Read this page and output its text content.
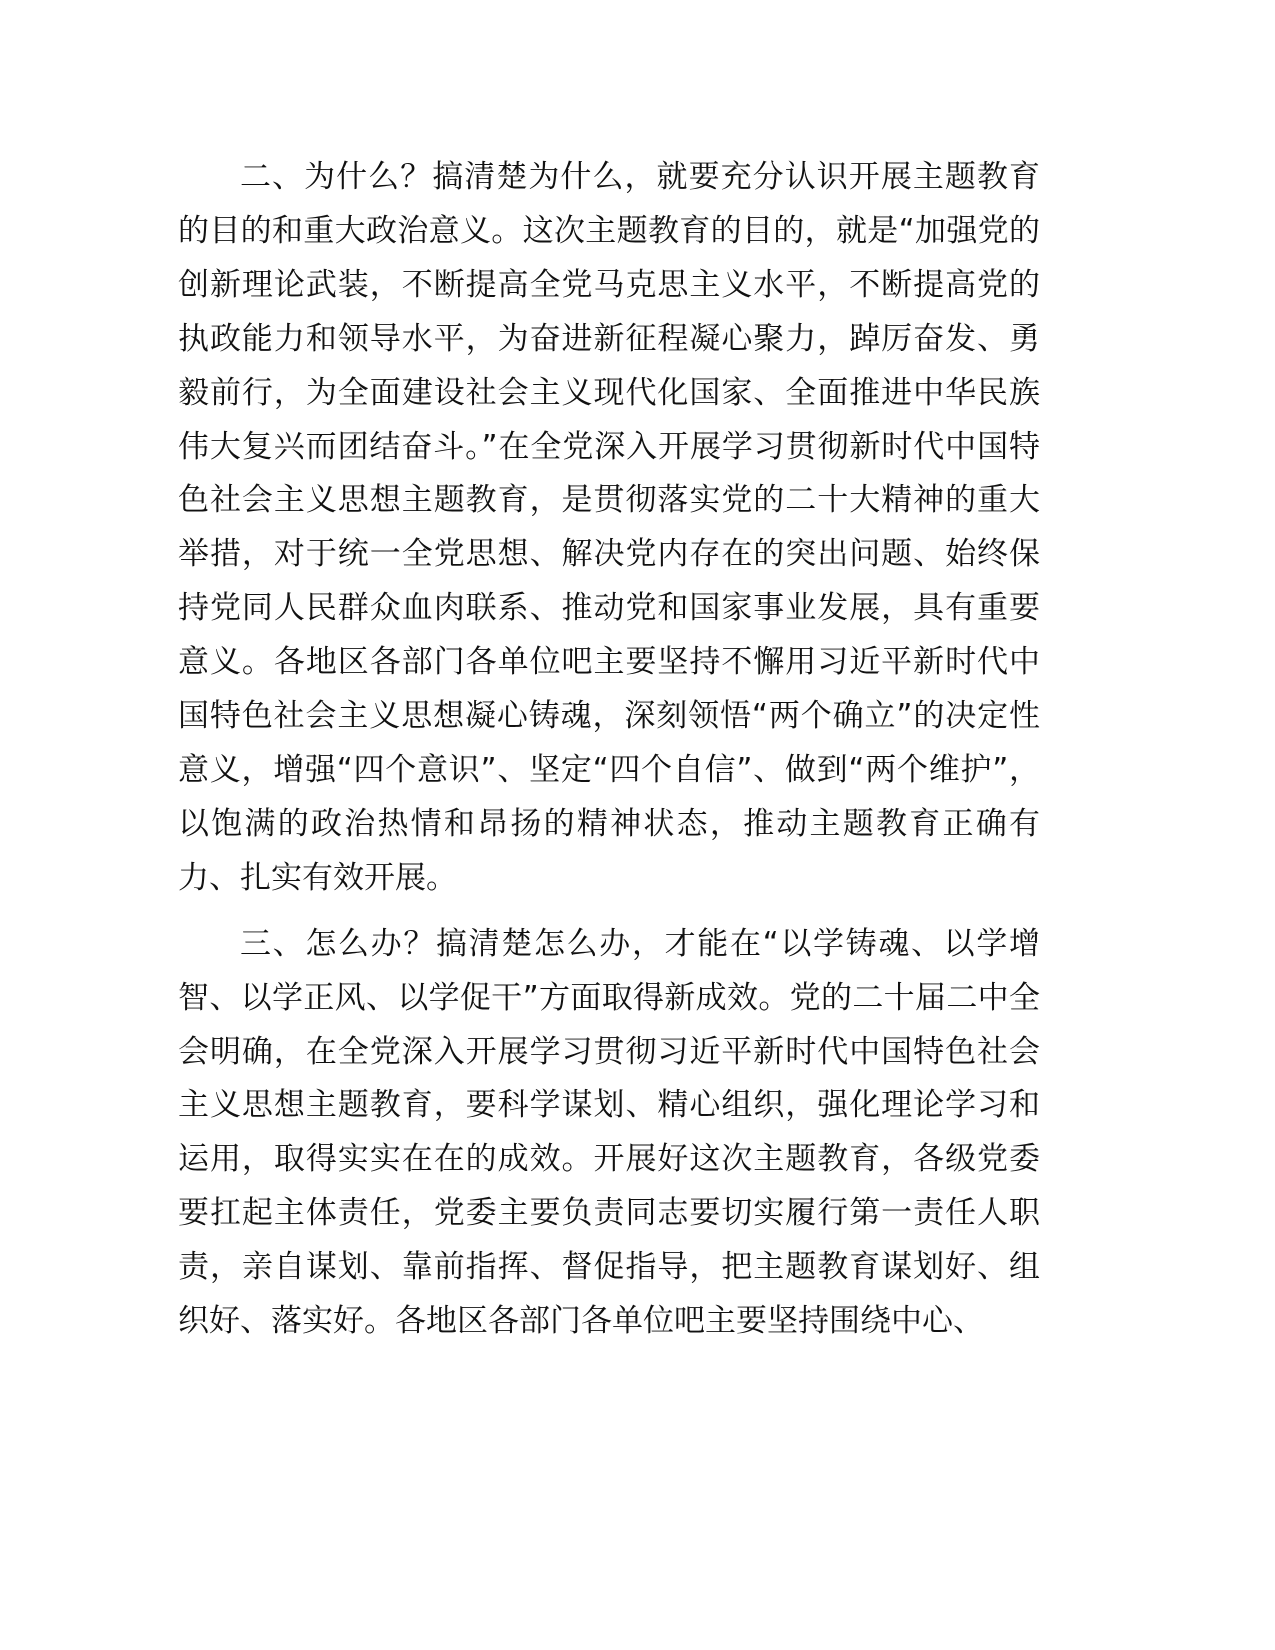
二、为什么？搞清楚为什么，就要充分认识开展主题教育的目的和重大政治意义。这次主题教育的目的，就是“加强党的创新理论武装，不断提高全党马克思主义水平，不断提高党的执政能力和领导水平，为奋进新征程凝心聚力，踔厉奋发、勇毅前行，为全面建设社会主义现代化国家、全面推进中华民族伟大复兴而团结奋斗。”在全党深入开展学习贯彻新时代中国特色社会主义思想主题教育，是贯彻落实党的二十大精神的重大举措，对于统一全党思想、解决党内存在的突出问题、始终保持党同人民群众血肉联系、推动党和国家事业发展，具有重要意义。各地区各部门各单位吧主要坚持不懈用习近平新时代中国特色社会主义思想凝心铸魂，深刻领悟“两个确立”的决定性意义，增强“四个意识”、坚定“四个自信”、做到“两个维护”，以饱满的政治热情和昂扬的精神状态，推动主题教育正确有力、扎实有效开展。

三、怎么办？搞清楚怎么办，才能在“以学铸魂、以学增智、以学正风、以学促干”方面取得新成效。党的二十届二中全会明确，在全党深入开展学习贯彻习近平新时代中国特色社会主义思想主题教育，要科学谋划、精心组织，强化理论学习和运用，取得实实在在的成效。开展好这次主题教育，各级党委要扛起主体责任，党委主要负责同志要切实履行第一责任人职责，亲自谋划、靠前指挥、督促指导，把主题教育谋划好、组织好、落实好。各地区各部门各单位吧主要坚持围绕中心、
